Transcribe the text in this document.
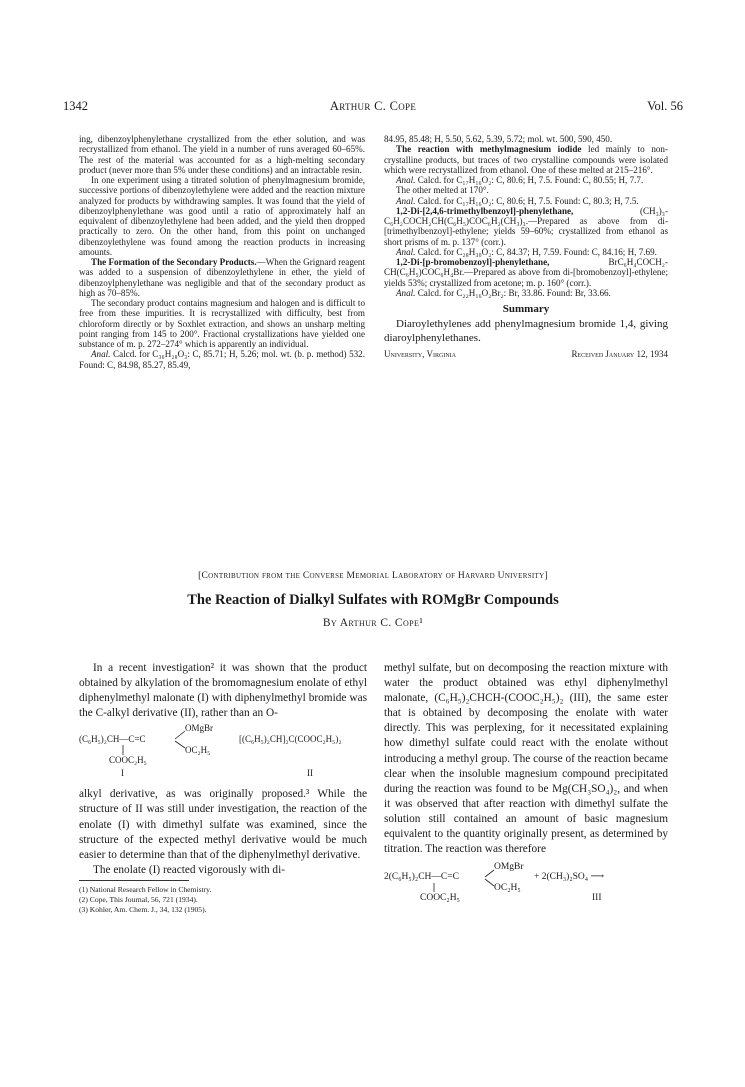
1342	Arthur C. Cope	Vol. 56

ing, dibenzoylphenylethane crystallized from the ether solution, and was recrystallized from ethanol. The yield in a number of runs averaged 60–65%. The rest of the material was accounted for as a high-melting secondary product (never more than 5% under these conditions) and an intractable resin.

In one experiment using a titrated solution of phenylmagnesium bromide, successive portions of dibenzoylethylene were added and the reaction mixture analyzed for products by withdrawing samples. It was found that the yield of dibenzoylphenylethane was good until a ratio of approximately half an equivalent of dibenzoylethylene had been added, and the yield then dropped practically to zero. On the other hand, from this point on unchanged dibenzoylethylene was found among the reaction products in increasing amounts.

The Formation of the Secondary Products.—When the Grignard reagent was added to a suspension of dibenzoylethylene in ether, the yield of dibenzoylphenylethane was negligible and that of the secondary product as high as 70–85%.

The secondary product contains magnesium and halogen and is difficult to free from these impurities. It is recrystallized with difficulty, best from chloroform directly or by Soxhlet extraction, and shows an unsharp melting point ranging from 145 to 200°. Fractional crystallizations have yielded one substance of m. p. 272–274° which is apparently an individual.

Anal. Calcd. for C₃₆H₂₈O₃: C, 85.71; H, 5.26; mol. wt. (b. p. method) 532. Found: C, 84.98, 85.27, 85.49,

84.95, 85.48; H, 5.50, 5.62, 5.39, 5.72; mol. wt. 500, 590, 450.

The reaction with methylmagnesium iodide led mainly to non-crystalline products, but traces of two crystalline compounds were isolated which were recrystallized from ethanol. One of these melted at 215–216°.

Anal. Calcd. for C₁₇H₁₆O₂: C, 80.6; H, 7.5. Found: C, 80.55; H, 7.7.

The other melted at 170°.

Anal. Calcd. for C₁₇H₁₆O₂: C, 80.6; H, 7.5. Found: C, 80.3; H, 7.5.

1,2-Di-[2,4,6-trimethylbenzoyl]-phenylethane,	(CH₃)₃-C₆H₂COCH₂CH(C₆H₅)COC₆H₂(CH₃)₃.—Prepared as above from di-[trimethylbenzoyl]-ethylene; yields 59–60%; crystallized from ethanol as short prisms of m. p. 137° (corr.).

Anal. Calcd. for C₂₈H₃₀O₂: C, 84.37; H, 7.59. Found: C, 84.16; H, 7.69.

1,2-Di-[p-bromobenzoyl]-phenylethane,	BrC₆H₄COCH₂-CH(C₆H₅)COC₆H₄Br.—Prepared as above from di-[bromobenzoyl]-ethylene; yields 53%; crystallized from acetone; m. p. 160° (corr.).

Anal. Calcd. for C₂₂H₁₆O₂Br₂: Br, 33.86. Found: Br, 33.66.

Summary

Diaroylethylenes add phenylmagnesium bromide 1,4, giving diaroylphenylethanes.

University, Virginia	Received January 12, 1934
[Contribution from the Converse Memorial Laboratory of Harvard University]
The Reaction of Dialkyl Sulfates with ROMgBr Compounds
By Arthur C. Cope¹

In a recent investigation² it was shown that the product obtained by alkylation of the bromomagnesium enolate of ethyl diphenylmethyl malonate (I) with diphenylmethyl bromide was the C-alkyl derivative (II), rather than an O-

(C₆H₅)₂CH—C=C
OMgBr
OC₂H₅
COOC₂H₅
I
[(C₆H₅)₂CH]₂C(COOC₂H₅)₂
II

alkyl derivative, as was originally proposed.³ While the structure of II was still under investigation, the reaction of the enolate (I) with dimethyl sulfate was examined, since the structure of the expected methyl derivative would be much easier to determine than that of the diphenylmethyl derivative.

The enolate (I) reacted vigorously with di-

(1) National Research Fellow in Chemistry.
(2) Cope, This Journal, 56, 721 (1934).
(3) Kohler, Am. Chem. J., 34, 132 (1905).

methyl sulfate, but on decomposing the reaction mixture with water the product obtained was ethyl diphenylmethyl malonate, (C₆H₅)₂CHCH-(COOC₂H₅)₂ (III), the same ester that is obtained by decomposing the enolate with water directly. This was perplexing, for it necessitated explaining how dimethyl sulfate could react with the enolate without introducing a methyl group. The course of the reaction became clear when the insoluble magnesium compound precipitated during the reaction was found to be Mg(CH₃SO₄)₂, and when it was observed that after reaction with dimethyl sulfate the solution still contained an amount of basic magnesium equivalent to the quantity originally present, as determined by titration. The reaction was therefore

2(C₆H₅)₂CH—C=C
OMgBr
OC₂H₅
COOC₂H₅
+ 2(CH₃)₂SO₄ ⟶
III
